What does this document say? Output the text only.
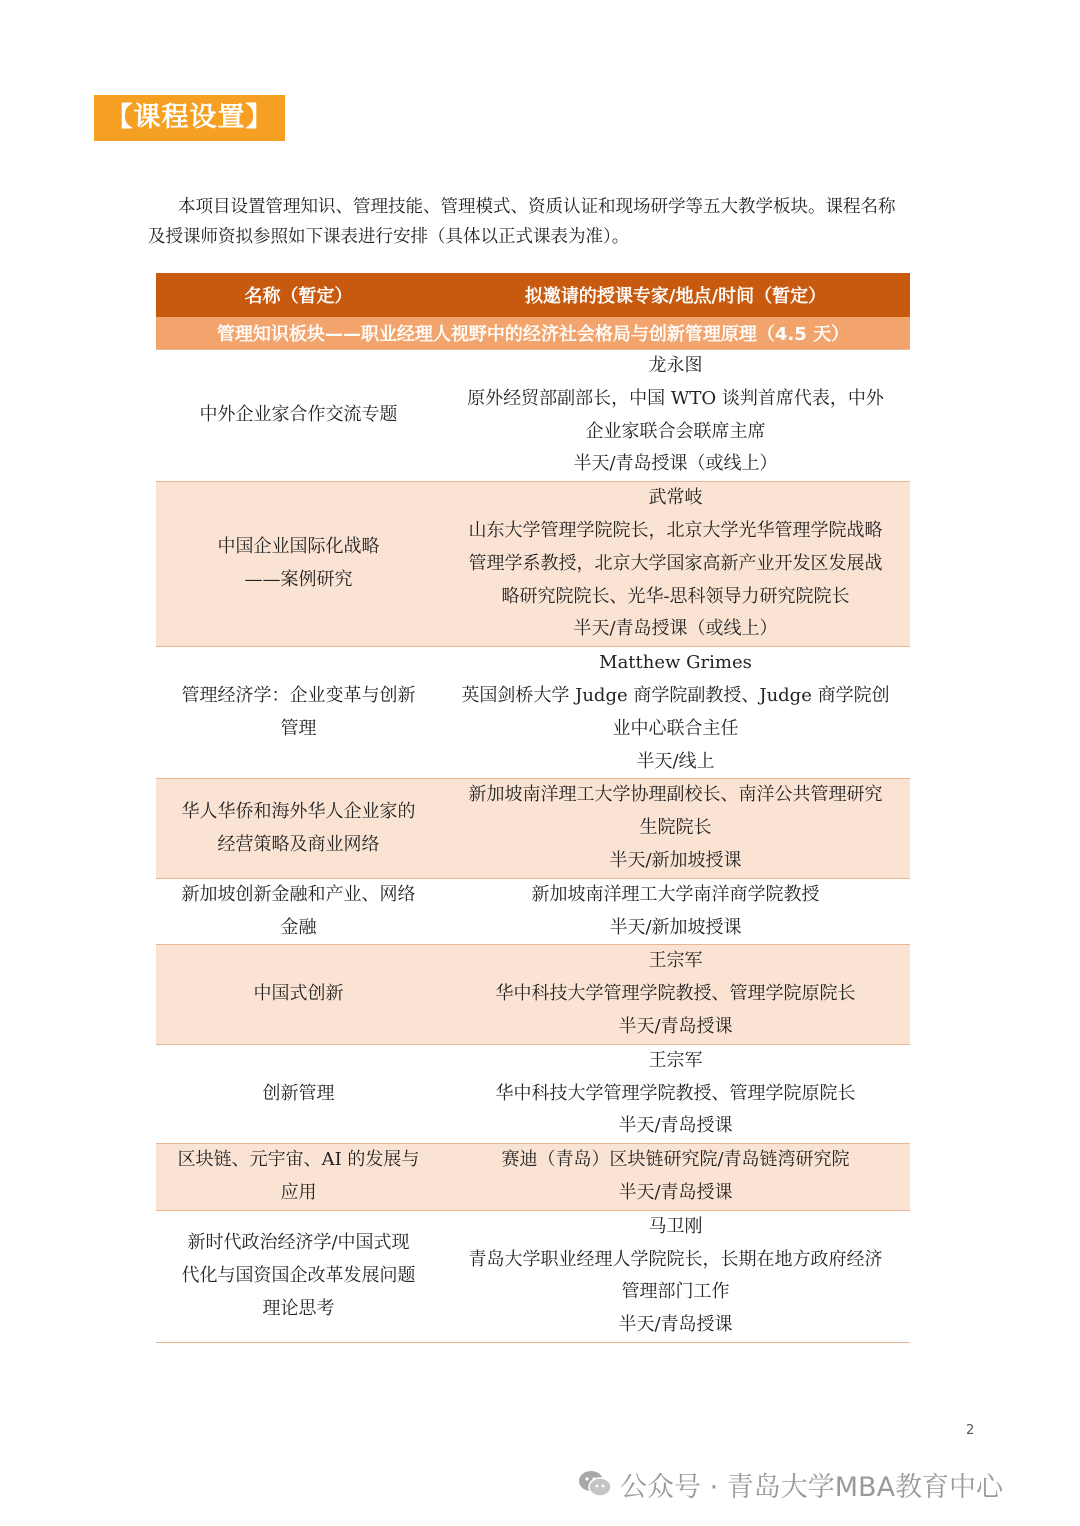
【课程设置】

本项目设置管理知识、管理技能、管理模式、资质认证和现场研学等五大教学板块。课程名称

及授课师资拟参照如下课表进行安排（具体以正式课表为准）。

名称（暂定）	拟邀请的授课专家/地点/时间（暂定）
管理知识板块——职业经理人视野中的经济社会格局与创新管理原理（4.5 天）	

中外企业家合作交流专题	龙永图
原外经贸部副部长，中国 WTO 谈判首席代表，中外
企业家联合会联席主席
半天/青岛授课（或线上）

中国企业国际化战略
——案例研究	武常岐
山东大学管理学院院长，北京大学光华管理学院战略
管理学系教授，北京大学国家高新产业开发区发展战
略研究院院长、光华-思科领导力研究院院长
半天/青岛授课（或线上）

管理经济学：企业变革与创新
管理	Matthew Grimes
英国剑桥大学 Judge 商学院副教授、Judge 商学院创
业中心联合主任
半天/线上

华人华侨和海外华人企业家的
经营策略及商业网络	新加坡南洋理工大学协理副校长、南洋公共管理研究
生院院长
半天/新加坡授课

新加坡创新金融和产业、网络
金融	新加坡南洋理工大学南洋商学院教授
半天/新加坡授课

中国式创新	王宗军
华中科技大学管理学院教授、管理学院原院长
半天/青岛授课

创新管理	王宗军
华中科技大学管理学院教授、管理学院原院长
半天/青岛授课

区块链、元宇宙、AI 的发展与
应用	赛迪（青岛）区块链研究院/青岛链湾研究院
半天/青岛授课

新时代政治经济学/中国式现
代化与国资国企改革发展问题
理论思考	马卫刚
青岛大学职业经理人学院院长，长期在地方政府经济
管理部门工作
半天/青岛授课
2
公众号 · 青岛大学MBA教育中心
